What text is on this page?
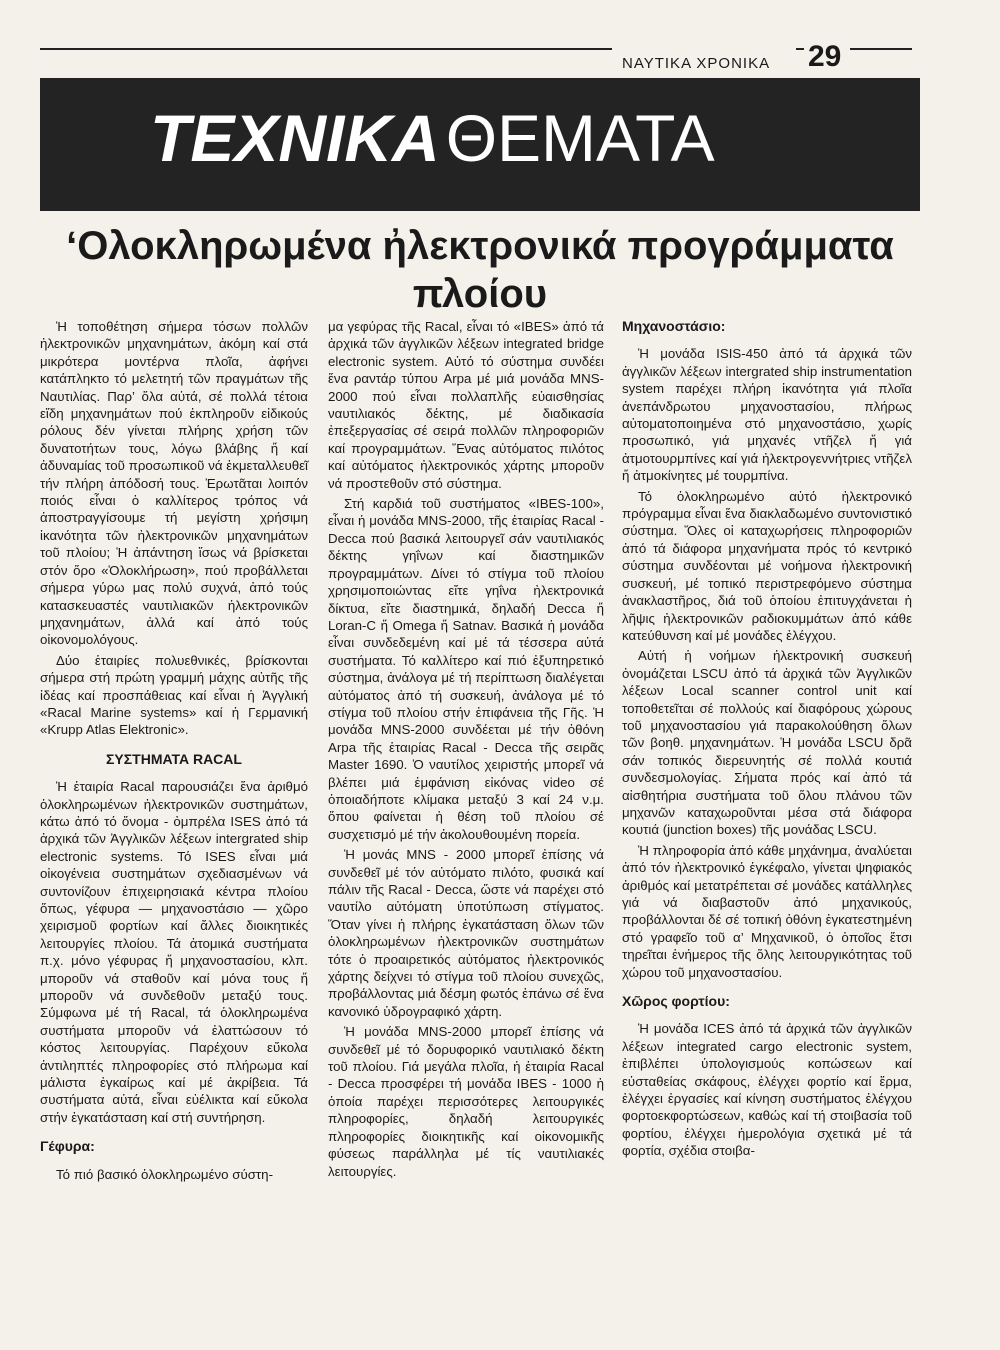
ΝΑΥΤΙΚΑ ΧΡΟΝΙΚΑ 29
ΤΕΧΝΙΚΑΘΕΜΑΤΑ
‘Ολοκληρωμένα ἠλεκτρονικά προγράμματα πλοίου

Ἡ τοποθέτηση σήμερα τόσων πολλῶν ἠλεκτρονικῶν μηχανημάτων, ἀκόμη καί στά μικρότερα μοντέρνα πλοῖα, ἀφήνει κατάπληκτο τό μελετητή τῶν πραγμάτων τῆς Ναυτιλίας. Παρ’ ὅλα αὐτά, σέ πολλά τέτοια εἴδη μηχανημάτων πού ἐκπληροῦν εἰδικούς ρόλους δέν γίνεται πλήρης χρήση τῶν δυνατοτήτων τους, λόγω βλάβης ἤ καί ἀδυναμίας τοῦ προσωπικοῦ νά ἐκμεταλλευθεῖ τήν πλήρη ἀπόδοσή τους. Ἐρωτᾶται λοιπόν ποιός εἶναι ὁ καλλίτερος τρόπος νά ἀποστραγγίσουμε τή μεγίστη χρήσιμη ἱκανότητα τῶν ἠλεκτρονικῶν μηχανημάτων τοῦ πλοίου; Ἡ ἀπάντηση ἴσως νά βρίσκεται στόν ὅρο «Ὁλοκλήρωση», πού προβάλλεται σήμερα γύρω μας πολύ συχνά, ἀπό τούς κατασκευαστές ναυτιλιακῶν ἠλεκτρονικῶν μηχανημάτων, ἀλλά καί ἀπό τούς οἰκονομολόγους.

Δύο ἑταιρίες πολυεθνικές, βρίσκονται σήμερα στή πρώτη γραμμή μάχης αὐτῆς τῆς ἰδέας καί προσπάθειας καί εἶναι ἡ Ἀγγλική «Racal Marine systems» καί ἡ Γερμανική «Krupp Atlas Elektronic».

ΣΥΣΤΗΜΑΤΑ RACAL

Ἡ ἑταιρία Racal παρουσιάζει ἕνα ἀριθμό ὁλοκληρωμένων ἠλεκτρονικῶν συστημάτων, κάτω ἀπό τό ὄνομα - ὀμπρέλα ISES ἀπό τά ἀρχικά τῶν Ἀγγλικῶν λέξεων intergrated ship electronic systems. Τό ISES εἶναι μιά οἰκογένεια συστημάτων σχεδιασμένων νά συντονίζουν ἐπιχειρησιακά κέντρα πλοίου ὅπως, γέφυρα — μηχανοστάσιο — χῶρο χειρισμοῦ φορτίων καί ἄλλες διοικητικές λειτουργίες πλοίου. Τά ἀτομικά συστήματα π.χ. μόνο γέφυρας ἤ μηχανοστασίου, κλπ. μποροῦν νά σταθοῦν καί μόνα τους ἤ μποροῦν νά συνδεθοῦν μεταξύ τους. Σύμφωνα μέ τή Racal, τά ὁλοκληρωμένα συστήματα μποροῦν νά ἐλαττώσουν τό κόστος λειτουργίας. Παρέχουν εὔκολα ἀντιληπτές πληροφορίες στό πλήρωμα καί μάλιστα ἐγκαίρως καί μέ ἀκρίβεια. Τά συστήματα αὐτά, εἶναι εὐέλικτα καί εὔκολα στήν ἐγκατάσταση καί στή συντήρηση.

Γέφυρα:

Τό πιό βασικό ὁλοκληρωμένο σύστη-

μα γεφύρας τῆς Racal, εἶναι τό «IBES» ἀπό τά ἀρχικά τῶν ἀγγλικῶν λέξεων integrated bridge electronic system. Αὐτό τό σύστημα συνδέει ἕνα ραντάρ τύπου Arpa μέ μιά μονάδα MNS-2000 πού εἶναι πολλαπλῆς εὐαισθησίας ναυτιλιακός δέκτης, μέ διαδικασία ἐπεξεργασίας σέ σειρά πολλῶν πληροφοριῶν καί προγραμμάτων. Ἕνας αὐτόματος πιλότος καί αὐτόματος ἠλεκτρονικός χάρτης μποροῦν νά προστεθοῦν στό σύστημα.

Στή καρδιά τοῦ συστήματος «IBES-100», εἶναι ἡ μονάδα MNS-2000, τῆς ἑταιρίας Racal - Decca πού βασικά λειτουργεῖ σάν ναυτιλιακός δέκτης γηΐνων καί διαστημικῶν προγραμμάτων. Δίνει τό στίγμα τοῦ πλοίου χρησιμοποιώντας εἴτε γηΐνα ἠλεκτρονικά δίκτυα, εἴτε διαστημικά, δηλαδή Decca ἤ Loran-C ἤ Omega ἤ Satnav. Βασικά ἡ μονάδα εἶναι συνδεδεμένη καί μέ τά τέσσερα αὐτά συστήματα. Τό καλλίτερο καί πιό ἐξυπηρετικό σύστημα, ἀνάλογα μέ τή περίπτωση διαλέγεται αὐτόματος ἀπό τή συσκευή, ἀνάλογα μέ τό στίγμα τοῦ πλοίου στήν ἐπιφάνεια τῆς Γῆς. Ἡ μονάδα MNS-2000 συνδέεται μέ τήν ὀθόνη Arpa τῆς ἑταιρίας Racal - Decca τῆς σειρᾶς Master 1690. Ὁ ναυτίλος χειριστής μπορεῖ νά βλέπει μιά ἐμφάνιση εἰκόνας video σέ ὁποιαδήποτε κλίμακα μεταξύ 3 καί 24 ν.μ. ὅπου φαίνεται ἡ θέση τοῦ πλοίου σέ συσχετισμό μέ τήν ἀκολουθουμένη πορεία.

Ἡ μονάς MNS - 2000 μπορεῖ ἐπίσης νά συνδεθεῖ μέ τόν αὐτόματο πιλότο, φυσικά καί πάλιν τῆς Racal - Decca, ὥστε νά παρέχει στό ναυτίλο αὐτόματη ὑποτύπωση στίγματος. Ὅταν γίνει ἡ πλήρης ἐγκατάσταση ὅλων τῶν ὁλοκληρωμένων ἠλεκτρονικῶν συστημάτων τότε ὁ προαιρετικός αὐτόματος ἠλεκτρονικός χάρτης δείχνει τό στίγμα τοῦ πλοίου συνεχῶς, προβάλλοντας μιά δέσμη φωτός ἐπάνω σέ ἕνα κανονικό ὑδρογραφικό χάρτη.

Ἡ μονάδα MNS-2000 μπορεῖ ἐπίσης νά συνδεθεῖ μέ τό δορυφορικό ναυτιλιακό δέκτη τοῦ πλοίου. Γιά μεγάλα πλοῖα, ἡ ἑταιρία Racal - Decca προσφέρει τή μονάδα IBES - 1000 ἡ ὁποία παρέχει περισσότερες λειτουργικές πληροφορίες, δηλαδή λειτουργικές πληροφορίες διοικητικῆς καί οἰκονομικῆς φύσεως παράλληλα μέ τίς ναυτιλιακές λειτουργίες.

Μηχανοστάσιο:

Ἡ μονάδα ISIS-450 ἀπό τά ἀρχικά τῶν ἀγγλικῶν λέξεων intergrated ship instrumentation system παρέχει πλήρη ἱκανότητα γιά πλοῖα ἀνεπάνδρωτου μηχανοστασίου, πλήρως αὐτοματοποιημένα στό μηχανοστάσιο, χωρίς προσωπικό, γιά μηχανές ντῆζελ ἤ γιά ἀτμοτουρμπίνες καί γιά ἠλεκτρογεννήτριες ντῆζελ ἤ ἀτμοκίνητες μέ τουρμπίνα.

Τό ὁλοκληρωμένο αὐτό ἠλεκτρονικό πρόγραμμα εἶναι ἕνα διακλαδωμένο συντονιστικό σύστημα. Ὅλες οἱ καταχωρήσεις πληροφοριῶν ἀπό τά διάφορα μηχανήματα πρός τό κεντρικό σύστημα συνδέονται μέ νοήμονα ἠλεκτρονική συσκευή, μέ τοπικό περιστρεφόμενο σύστημα ἀνακλαστῆρος, διά τοῦ ὁποίου ἐπιτυγχάνεται ἡ λῆψις ἠλεκτρονικῶν ραδιοκυμμάτων ἀπό κάθε κατεύθυνση καί μέ μονάδες ἐλέγχου.

Αὐτή ἡ νοήμων ἠλεκτρονική συσκευή ὀνομάζεται LSCU ἀπό τά ἀρχικά τῶν Ἀγγλικῶν λέξεων Local scanner control unit καί τοποθετεῖται σέ πολλούς καί διαφόρους χώρους τοῦ μηχανοστασίου γιά παρακολούθηση ὅλων τῶν βοηθ. μηχανημάτων. Ἡ μονάδα LSCU δρᾶ σάν τοπικός διερευνητής σέ πολλά κουτιά συνδεσμολογίας. Σήματα πρός καί ἀπό τά αἰσθητήρια συστήματα τοῦ ὅλου πλάνου τῶν μηχανῶν καταχωροῦνται μέσα στά διάφορα κουτιά (junction boxes) τῆς μονάδας LSCU.

Ἡ πληροφορία ἀπό κάθε μηχάνημα, ἀναλύεται ἀπό τόν ἠλεκτρονικό ἐγκέφαλο, γίνεται ψηφιακός ἀριθμός καί μετατρέπεται σέ μονάδες κατάλληλες γιά νά διαβαστοῦν ἀπό μηχανικούς, προβάλλονται δέ σέ τοπική ὀθόνη ἐγκατεστημένη στό γραφεῖο τοῦ α’ Μηχανικοῦ, ὁ ὁποῖος ἔτσι τηρεῖται ἐνήμερος τῆς ὅλης λειτουργικότητας τοῦ χώρου τοῦ μηχανοστασίου.

Χῶρος φορτίου:

Ἡ μονάδα ICES ἀπό τά ἀρχικά τῶν ἀγγλικῶν λέξεων integrated cargo electronic system, ἐπιβλέπει ὑπολογισμούς κοπώσεων καί εὐσταθείας σκάφους, ἐλέγχει φορτίο καί ἕρμα, ἐλέγχει ἐργασίες καί κίνηση συστήματος ἐλέγχου φορτοεκφορτώσεων, καθώς καί τή στοιβασία τοῦ φορτίου, ἐλέγχει ἡμερολόγια σχετικά μέ τά φορτία, σχέδια στοιβα-
